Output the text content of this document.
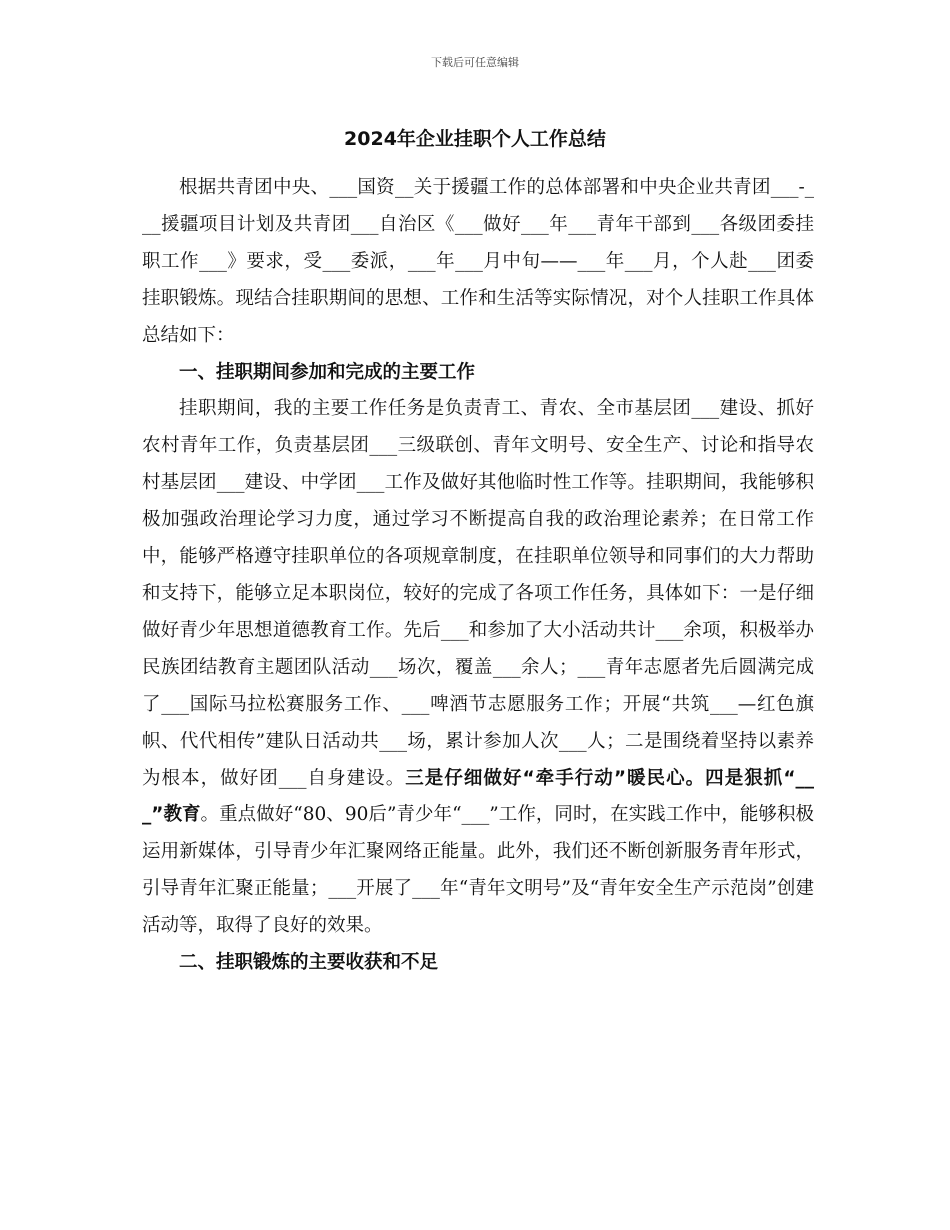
下载后可任意编辑
2024年企业挂职个人工作总结

根据共青团中央、___国资__关于援疆工作的总体部署和中央企业共青团___-___援疆项目计划及共青团___自治区《___做好___年___青年干部到___各级团委挂职工作___》要求，受___委派，___年___月中旬——___年___月，个人赴___团委挂职锻炼。现结合挂职期间的思想、工作和生活等实际情况，对个人挂职工作具体总结如下：

一、挂职期间参加和完成的主要工作

挂职期间，我的主要工作任务是负责青工、青农、全市基层团___建设、抓好农村青年工作，负责基层团___三级联创、青年文明号、安全生产、讨论和指导农村基层团___建设、中学团___工作及做好其他临时性工作等。挂职期间，我能够积极加强政治理论学习力度，通过学习不断提高自我的政治理论素养；在日常工作中，能够严格遵守挂职单位的各项规章制度，在挂职单位领导和同事们的大力帮助和支持下，能够立足本职岗位，较好的完成了各项工作任务，具体如下：一是仔细做好青少年思想道德教育工作。先后___和参加了大小活动共计___余项，积极举办民族团结教育主题团队活动___场次，覆盖___余人；___青年志愿者先后圆满完成了___国际马拉松赛服务工作、___啤酒节志愿服务工作；开展“共筑___—红色旗帜、代代相传”建队日活动共___场，累计参加人次___人；二是围绕着坚持以素养为根本，做好团___自身建设。三是仔细做好“牵手行动”暖民心。四是狠抓“___”教育。重点做好“80、90后”青少年“___”工作，同时，在实践工作中，能够积极运用新媒体，引导青少年汇聚网络正能量。此外，我们还不断创新服务青年形式，引导青年汇聚正能量；___开展了___年“青年文明号”及“青年安全生产示范岗”创建活动等，取得了良好的效果。

二、挂职锻炼的主要收获和不足
